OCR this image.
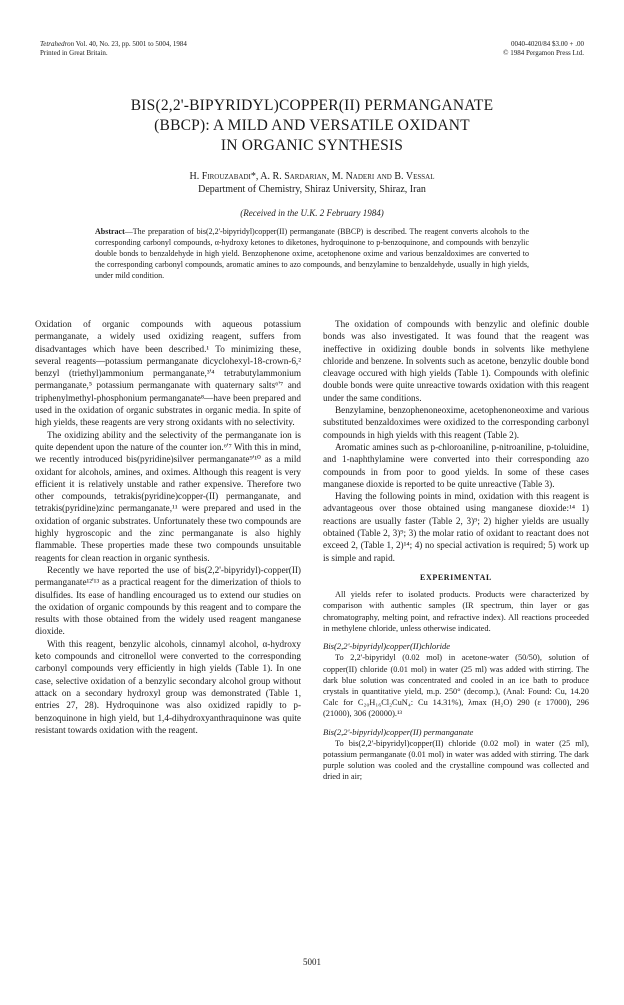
Tetrahedron Vol. 40, No. 23, pp. 5001 to 5004, 1984
Printed in Great Britain.
0040-4020/84 $3.00 + .00
© 1984 Pergamon Press Ltd.
BIS(2,2'-BIPYRIDYL)COPPER(II) PERMANGANATE
(BBCP): A MILD AND VERSATILE OXIDANT
IN ORGANIC SYNTHESIS
H. Firouzabadi*, A. R. Sardarian, M. Naderi and B. Vessal
Department of Chemistry, Shiraz University, Shiraz, Iran
(Received in the U.K. 2 February 1984)
Abstract—The preparation of bis(2,2'-bipyridyl)copper(II) permanganate (BBCP) is described. The reagent converts alcohols to the corresponding carbonyl compounds, α-hydroxy ketones to diketones, hydroquinone to p-benzoquinone, and compounds with benzylic double bonds to benzaldehyde in high yield. Benzophenone oxime, acetophenone oxime and various benzaldoximes are converted to the corresponding carbonyl compounds, aromatic amines to azo compounds, and benzylamine to benzaldehyde, usually in high yields, under mild condition.

Oxidation of organic compounds with aqueous potassium permanganate, a widely used oxidizing reagent, suffers from disadvantages which have been described.¹ To minimizing these, several reagents—potassium permanganate dicyclohexyl-18-crown-6,² benzyl (triethyl)ammonium permanganate,³'⁴ tetrabutylammonium permanganate,⁵ potassium permanganate with quaternary salts⁶'⁷ and triphenylmethyl-phosphonium permanganate⁸—have been prepared and used in the oxidation of organic substrates in organic media. In spite of high yields, these reagents are very strong oxidants with no selectivity.

The oxidizing ability and the selectivity of the permanganate ion is quite dependent upon the nature of the counter ion.⁶'⁷ With this in mind, we recently introduced bis(pyridine)silver permanganate⁹'¹⁰ as a mild oxidant for alcohols, amines, and oximes. Although this reagent is very efficient it is relatively unstable and rather expensive. Therefore two other compounds, tetrakis(pyridine)copper-(II) permanganate, and tetrakis(pyridine)zinc permanganate,¹¹ were prepared and used in the oxidation of organic substrates. Unfortunately these two compounds are highly hygroscopic and the zinc permanganate is also highly flammable. These properties made these two compounds unsuitable reagents for clean reaction in organic synthesis.

Recently we have reported the use of bis(2,2'-bipyridyl)-copper(II) permanganate¹²'¹³ as a practical reagent for the dimerization of thiols to disulfides. Its ease of handling encouraged us to extend our studies on the oxidation of organic compounds by this reagent and to compare the results with those obtained from the widely used reagent manganese dioxide.

With this reagent, benzylic alcohols, cinnamyl alcohol, α-hydroxy keto compounds and citronellol were converted to the corresponding carbonyl compounds very efficiently in high yields (Table 1). In one case, selective oxidation of a benzylic secondary alcohol group without attack on a secondary hydroxyl group was demonstrated (Table 1, entries 27, 28). Hydroquinone was also oxidized rapidly to p-benzoquinone in high yield, but 1,4-dihydroxyanthraquinone was quite resistant towards oxidation with the reagent.

The oxidation of compounds with benzylic and olefinic double bonds was also investigated. It was found that the reagent was ineffective in oxidizing double bonds in solvents like methylene chloride and benzene. In solvents such as acetone, benzylic double bond cleavage occured with high yields (Table 1). Compounds with olefinic double bonds were quite unreactive towards oxidation with this reagent under the same conditions.

Benzylamine, benzophenoneoxime, acetophenoneoxime and various substituted benzaldoximes were oxidized to the corresponding carbonyl compounds in high yields with this reagent (Table 2).

Aromatic amines such as p-chloroaniline, p-nitroaniline, p-toluidine, and 1-naphthylamine were converted into their corresponding azo compounds in from poor to good yields. In some of these cases manganese dioxide is reported to be quite unreactive (Table 3).

Having the following points in mind, oxidation with this reagent is advantageous over those obtained using manganese dioxide:¹⁴ 1) reactions are usually faster (Table 2, 3)⁹; 2) higher yields are usually obtained (Table 2, 3)⁹; 3) the molar ratio of oxidant to reactant does not exceed 2, (Table 1, 2)¹⁴; 4) no special activation is required; 5) work up is simple and rapid.

EXPERIMENTAL

All yields refer to isolated products. Products were characterized by comparison with authentic samples (IR spectrum, thin layer or gas chromatography, melting point, and refractive index). All reactions proceeded in methylene chloride, unless otherwise indicated.

Bis(2,2'-bipyridyl)copper(II)chloride

To 2,2'-bipyridyl (0.02 mol) in acetone-water (50/50), solution of copper(II) chloride (0.01 mol) in water (25 ml) was added with stirring. The dark blue solution was concentrated and cooled in an ice bath to produce crystals in quantitative yield, m.p. 250° (decomp.), (Anal: Found: Cu, 14.20 Calc for C₂₀H₁₆Cl₂CuN₄: Cu 14.31%), λmax (H₂O) 290 (ε 17000), 296 (21000), 306 (20000).¹³

Bis(2,2'-bipyridyl)copper(II) permanganate

To bis(2,2'-bipyridyl)copper(II) chloride (0.02 mol) in water (25 ml), potassium permanganate (0.01 mol) in water was added with stirring. The dark purple solution was cooled and the crystalline compound was collected and dried in air;

5001
